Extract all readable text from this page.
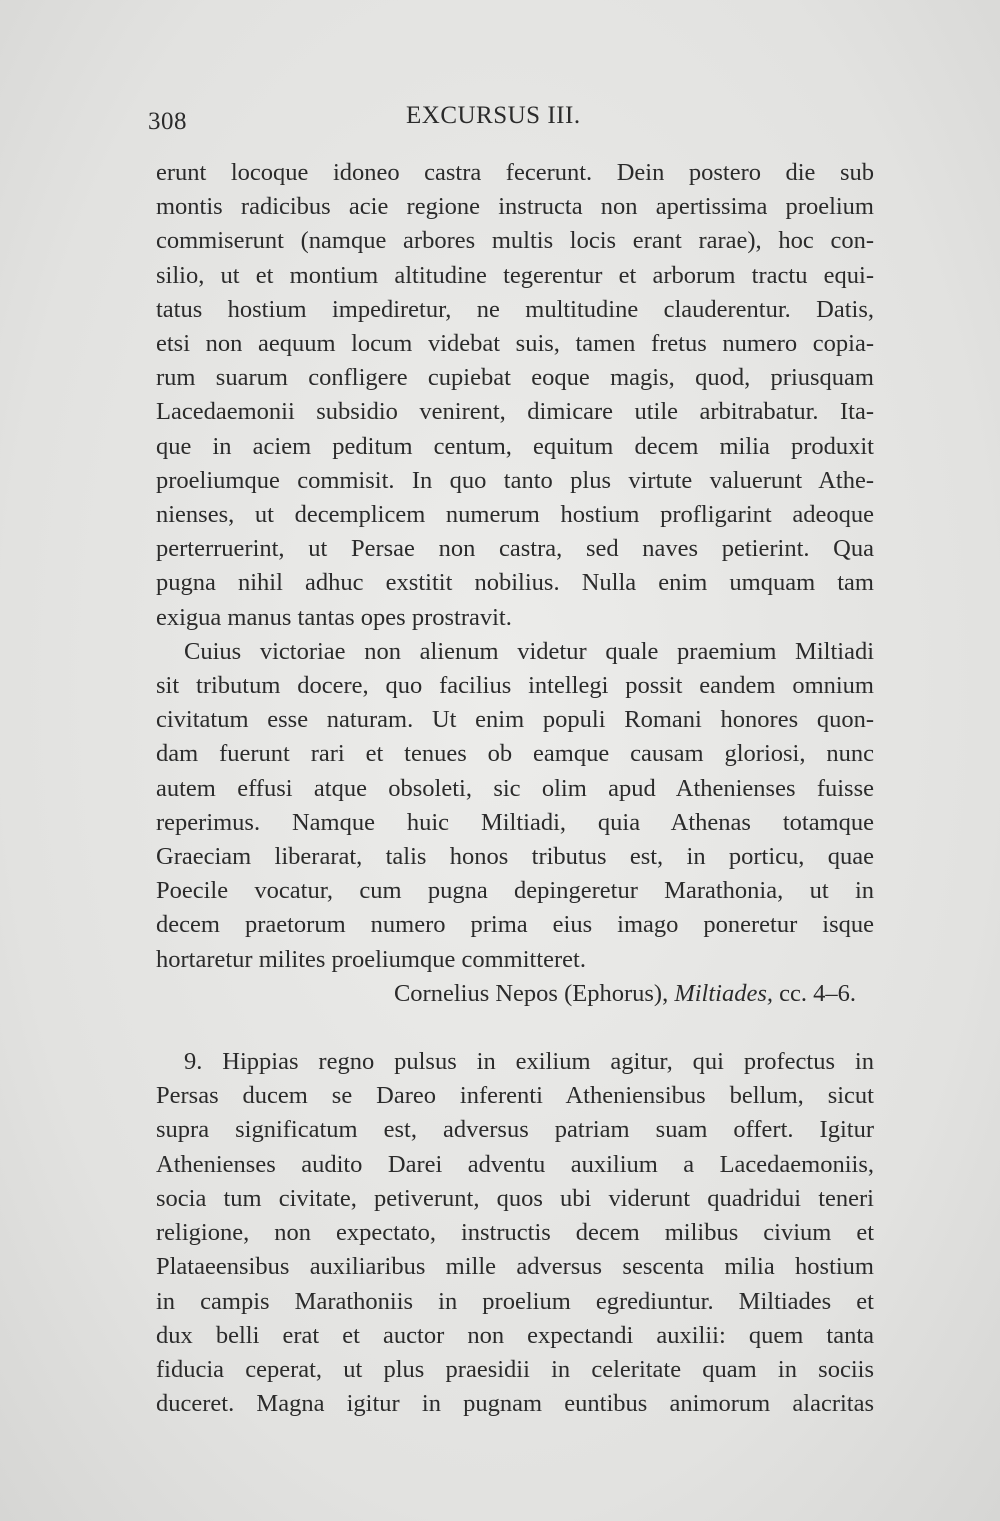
308	EXCURSUS III.
erunt locoque idoneo castra fecerunt. Dein postero die sub
montis radicibus acie regione instructa non apertissima proelium
commiserunt (namque arbores multis locis erant rarae), hoc con-
silio, ut et montium altitudine tegerentur et arborum tractu equi-
tatus hostium impediretur, ne multitudine clauderentur. Datis,
etsi non aequum locum videbat suis, tamen fretus numero copia-
rum suarum confligere cupiebat eoque magis, quod, priusquam
Lacedaemonii subsidio venirent, dimicare utile arbitrabatur. Ita-
que in aciem peditum centum, equitum decem milia produxit
proeliumque commisit. In quo tanto plus virtute valuerunt Athe-
nienses, ut decemplicem numerum hostium profligarint adeoque
perterruerint, ut Persae non castra, sed naves petierint. Qua
pugna nihil adhuc exstitit nobilius. Nulla enim umquam tam
exigua manus tantas opes prostravit.
Cuius victoriae non alienum videtur quale praemium Miltiadi
sit tributum docere, quo facilius intellegi possit eandem omnium
civitatum esse naturam. Ut enim populi Romani honores quon-
dam fuerunt rari et tenues ob eamque causam gloriosi, nunc
autem effusi atque obsoleti, sic olim apud Athenienses fuisse
reperimus. Namque huic Miltiadi, quia Athenas totamque
Graeciam liberarat, talis honos tributus est, in porticu, quae
Poecile vocatur, cum pugna depingeretur Marathonia, ut in
decem praetorum numero prima eius imago poneretur isque
hortaretur milites proeliumque committeret.
Cornelius Nepos (Ephorus), Miltiades, cc. 4–6.
9. Hippias regno pulsus in exilium agitur, qui profectus in
Persas ducem se Dareo inferenti Atheniensibus bellum, sicut
supra significatum est, adversus patriam suam offert. Igitur
Athenienses audito Darei adventu auxilium a Lacedaemoniis,
socia tum civitate, petiverunt, quos ubi viderunt quadridui teneri
religione, non expectato, instructis decem milibus civium et
Plataeensibus auxiliaribus mille adversus sescenta milia hostium
in campis Marathoniis in proelium egrediuntur. Miltiades et
dux belli erat et auctor non expectandi auxilii: quem tanta
fiducia ceperat, ut plus praesidii in celeritate quam in sociis
duceret. Magna igitur in pugnam euntibus animorum alacritas
